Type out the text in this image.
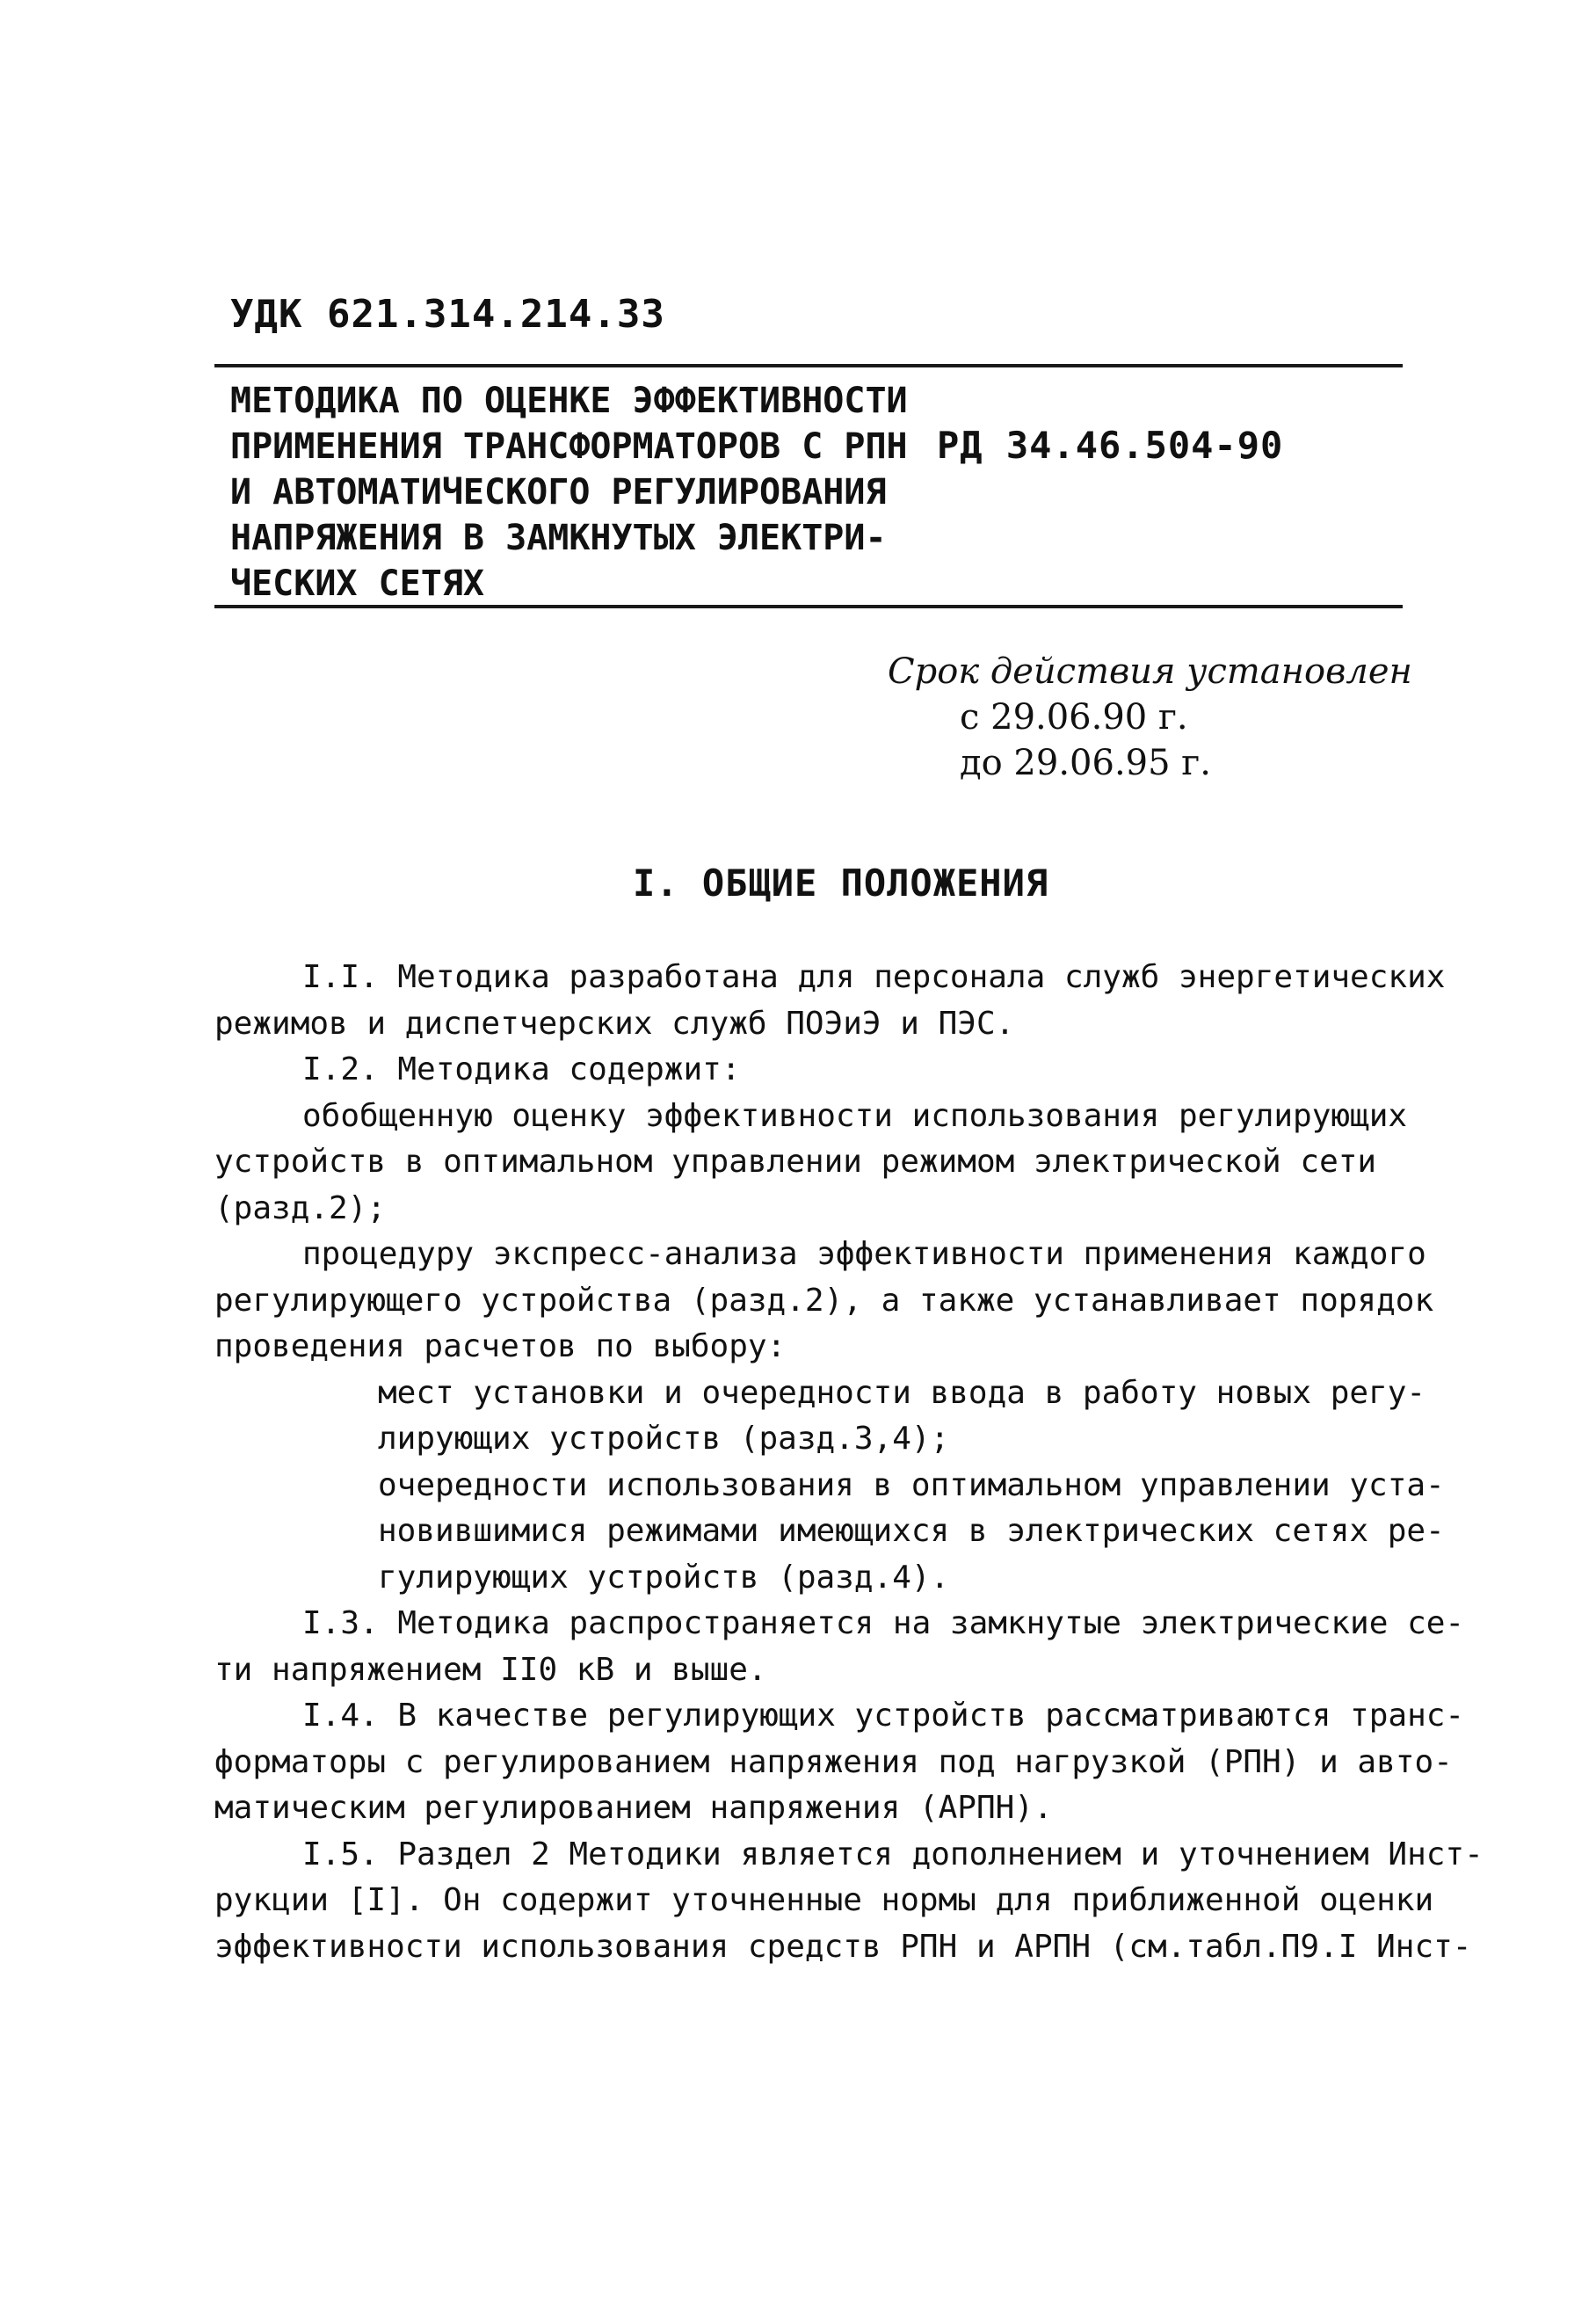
УДК 621.314.214.33
МЕТОДИКА ПО ОЦЕНКЕ ЭФФЕКТИВНОСТИ
ПРИМЕНЕНИЯ ТРАНСФОРМАТОРОВ С РПН
И АВТОМАТИЧЕСКОГО РЕГУЛИРОВАНИЯ
НАПРЯЖЕНИЯ В ЗАМКНУТЫХ ЭЛЕКТРИ-
ЧЕСКИХ СЕТЯХ
РД 34.46.504-90
Срок действия установлен
с 29.06.90 г.
до 29.06.95 г.
I. ОБЩИЕ ПОЛОЖЕНИЯ
I.I. Методика разработана для персонала служб энергетических
режимов и диспетчерских служб ПОЭиЭ и ПЭС.
I.2. Методика содержит:
обобщенную оценку эффективности использования регулирующих
устройств в оптимальном управлении режимом электрической сети
(разд.2);
процедуру экспресс-анализа эффективности применения каждого
регулирующего устройства (разд.2), а также устанавливает порядок
проведения расчетов по выбору:
мест установки и очередности ввода в работу новых регу-
лирующих устройств (разд.3,4);
очередности использования в оптимальном управлении уста-
новившимися режимами имеющихся в электрических сетях ре-
гулирующих устройств (разд.4).
I.3. Методика распространяется на замкнутые электрические се-
ти напряжением II0 кВ и выше.
I.4. В качестве регулирующих устройств рассматриваются транс-
форматоры с регулированием напряжения под нагрузкой (РПН) и авто-
матическим регулированием напряжения (АРПН).
I.5. Раздел 2 Методики является дополнением и уточнением Инст-
рукции [I]. Он содержит уточненные нормы для приближенной оценки
эффективности использования средств РПН и АРПН (см.табл.П9.I Инст-
